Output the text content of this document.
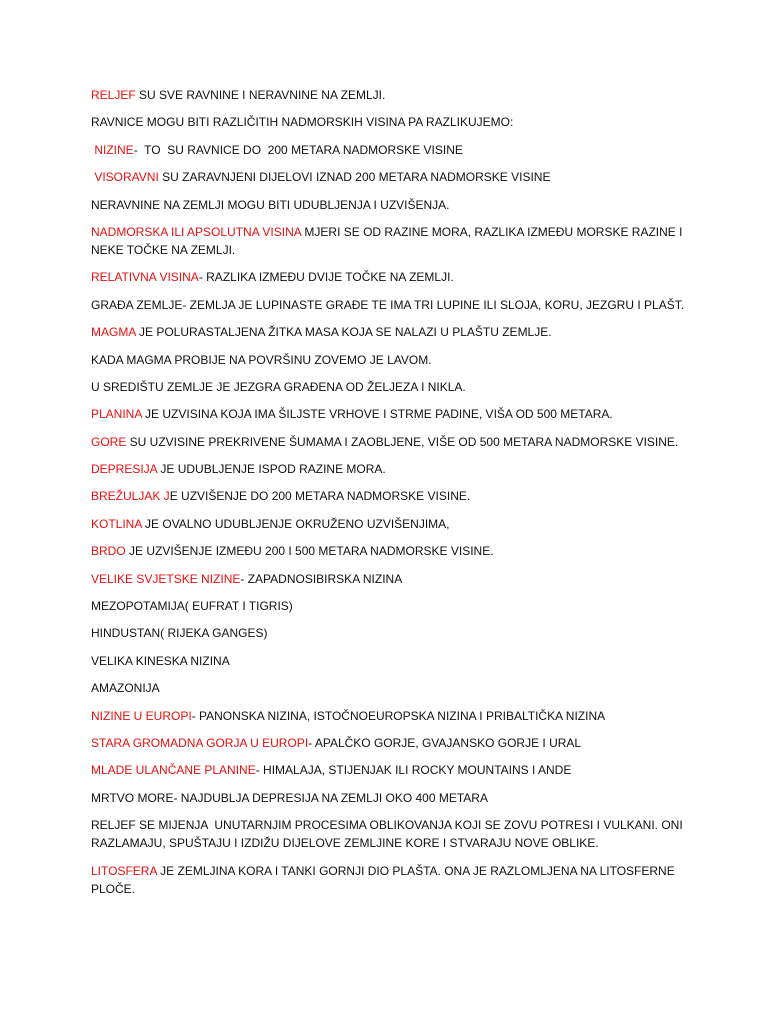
RELJEF SU SVE RAVNINE I NERAVNINE NA ZEMLJI.

RAVNICE MOGU BITI RAZLIČITIH NADMORSKIH VISINA PA RAZLIKUJEMO:

NIZINE-  TO  SU RAVNICE DO  200 METARA NADMORSKE VISINE

VISORAVNI SU ZARAVNJENI DIJELOVI IZNAD 200 METARA NADMORSKE VISINE

NERAVNINE NA ZEMLJI MOGU BITI UDUBLJENJA I UZVIŠENJA.

NADMORSKA ILI APSOLUTNA VISINA MJERI SE OD RAZINE MORA, RAZLIKA IZMEĐU MORSKE RAZINE I NEKE TOČKE NA ZEMLJI.

RELATIVNA VISINA- RAZLIKA IZMEĐU DVIJE TOČKE NA ZEMLJI.

GRAĐA ZEMLJE- ZEMLJA JE LUPINASTE GRAĐE TE IMA TRI LUPINE ILI SLOJA, KORU, JEZGRU I PLAŠT.

MAGMA JE POLURASTALJENA ŽITKA MASA KOJA SE NALAZI U PLAŠTU ZEMLJE.

KADA MAGMA PROBIJE NA POVRŠINU ZOVEMO JE LAVOM.

U SREDIŠTU ZEMLJE JE JEZGRA GRAĐENA OD ŽELJEZA I NIKLA.

PLANINA JE UZVISINA KOJA IMA ŠILJSTE VRHOVE I STRME PADINE, VIŠA OD 500 METARA.

GORE SU UZVISINE PREKRIVENE ŠUMAMA I ZAOBLJENE, VIŠE OD 500 METARA NADMORSKE VISINE.

DEPRESIJA JE UDUBLJENJE ISPOD RAZINE MORA.

BREŽULJAK JE UZVIŠENJE DO 200 METARA NADMORSKE VISINE.

KOTLINA JE OVALNO UDUBLJENJE OKRUŽENO UZVIŠENJIMA,

BRDO JE UZVIŠENJE IZMEĐU 200 I 500 METARA NADMORSKE VISINE.

VELIKE SVJETSKE NIZINE- ZAPADNOSIBIRSKA NIZINA

MEZOPOTAMIJA( EUFRAT I TIGRIS)

HINDUSTAN( RIJEKA GANGES)

VELIKA KINESKA NIZINA

AMAZONIJA

NIZINE U EUROPI- PANONSKA NIZINA, ISTOČNOEUROPSKA NIZINA I PRIBALTIČKA NIZINA

STARA GROMADNA GORJA U EUROPI- APALČKO GORJE, GVAJANSKO GORJE I URAL

MLADE ULANČANE PLANINE- HIMALAJA, STIJENJAK ILI ROCKY MOUNTAINS I ANDE

MRTVO MORE- NAJDUBLJA DEPRESIJA NA ZEMLJI OKO 400 METARA

RELJEF SE MIJENJA  UNUTARNJIM PROCESIMA OBLIKOVANJA KOJI SE ZOVU POTRESI I VULKANI. ONI RAZLAMAJU, SPUŠTAJU I IZDIŽU DIJELOVE ZEMLJINE KORE I STVARAJU NOVE OBLIKE.

LITOSFERA JE ZEMLJINA KORA I TANKI GORNJI DIO PLAŠTA. ONA JE RAZLOMLJENA NA LITOSFERNE PLOČE.
